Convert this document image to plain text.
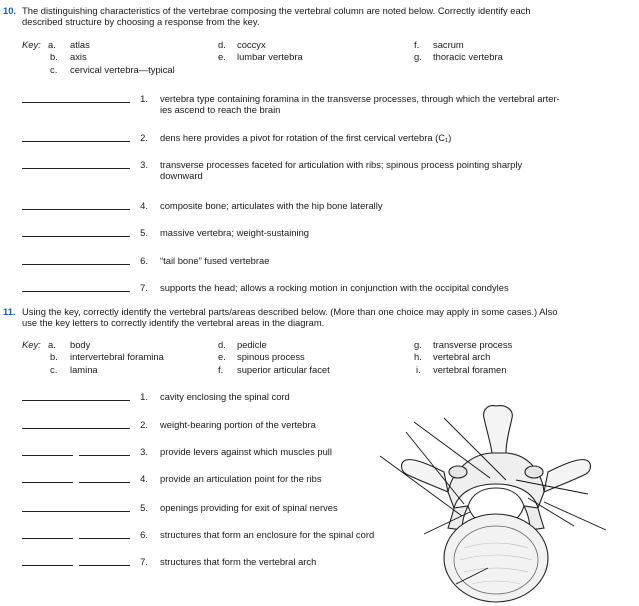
10. The distinguishing characteristics of the vertebrae composing the vertebral column are noted below. Correctly identify each
described structure by choosing a response from the key.
Key: a. atlas
b. axis
c. cervical vertebra—typical
d. coccyx
e. lumbar vertebra
f. sacrum
g. thoracic vertebra
1. vertebra type containing foramina in the transverse processes, through which the vertebral arter-
ies ascend to reach the brain
2. dens here provides a pivot for rotation of the first cervical vertebra (C₁)
3. transverse processes faceted for articulation with ribs; spinous process pointing sharply
downward
4. composite bone; articulates with the hip bone laterally
5. massive vertebra; weight-sustaining
6. “tail bone” fused vertebrae
7. supports the head; allows a rocking motion in conjunction with the occipital condyles
11. Using the key, correctly identify the vertebral parts/areas described below. (More than one choice may apply in some cases.) Also
use the key letters to correctly identify the vertebral areas in the diagram.
Key: a. body
b. intervertebral foramina
c. lamina
d. pedicle
e. spinous process
f. superior articular facet
g. transverse process
h. vertebral arch
i. vertebral foramen
1. cavity enclosing the spinal cord
2. weight-bearing portion of the vertebra
3. provide levers against which muscles pull
4. provide an articulation point for the ribs
5. openings providing for exit of spinal nerves
6. structures that form an enclosure for the spinal cord
7. structures that form the vertebral arch
